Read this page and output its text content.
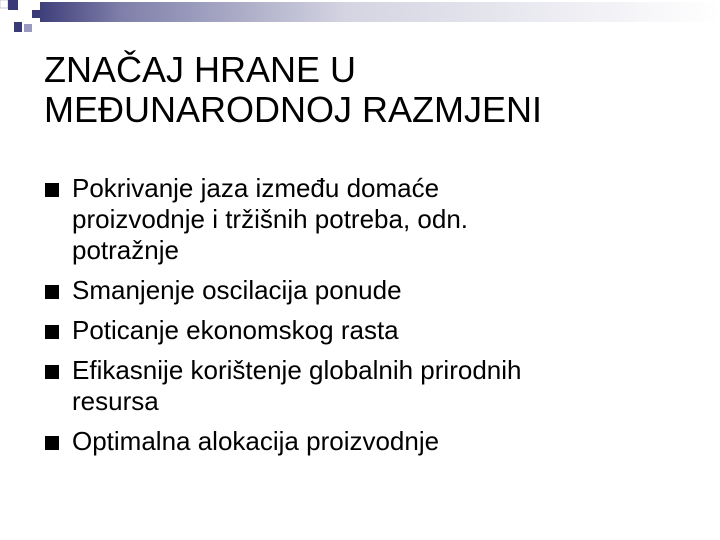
ZNAČAJ HRANE U
MEĐUNARODNOJ RAZMJENI
Pokrivanje jaza između domaće
proizvodnje i tržišnih potreba, odn.
potražnje
Smanjenje oscilacija ponude
Poticanje ekonomskog rasta
Efikasnije korištenje globalnih prirodnih
resursa
Optimalna alokacija proizvodnje
